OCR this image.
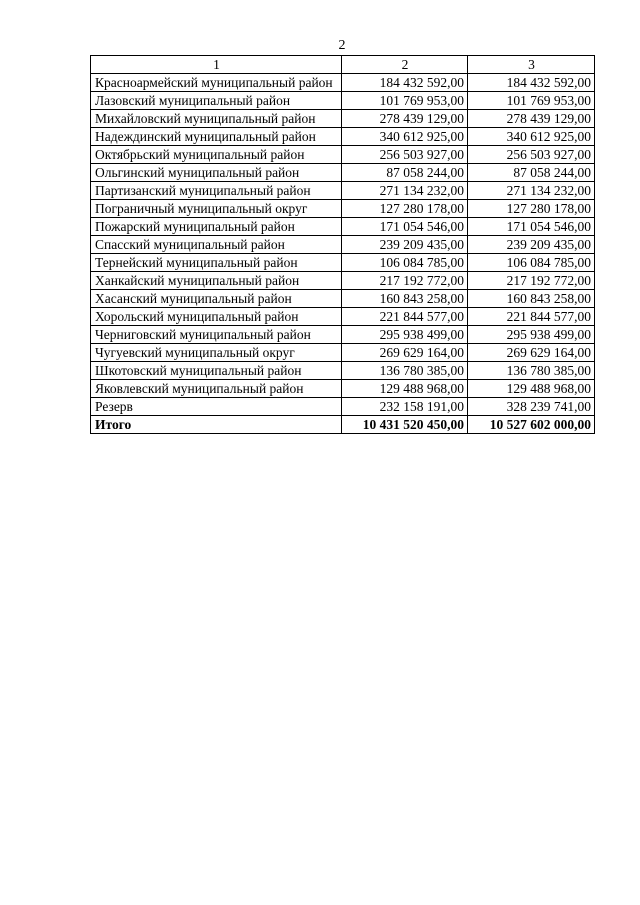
2
1	2	3
Красноармейский муниципальный район	184 432 592,00	184 432 592,00
Лазовский муниципальный район	101 769 953,00	101 769 953,00
Михайловский муниципальный район	278 439 129,00	278 439 129,00
Надеждинский муниципальный район	340 612 925,00	340 612 925,00
Октябрьский муниципальный район	256 503 927,00	256 503 927,00
Ольгинский муниципальный район	87 058 244,00	87 058 244,00
Партизанский муниципальный район	271 134 232,00	271 134 232,00
Пограничный муниципальный округ	127 280 178,00	127 280 178,00
Пожарский муниципальный район	171 054 546,00	171 054 546,00
Спасский муниципальный район	239 209 435,00	239 209 435,00
Тернейский муниципальный район	106 084 785,00	106 084 785,00
Ханкайский муниципальный район	217 192 772,00	217 192 772,00
Хасанский муниципальный район	160 843 258,00	160 843 258,00
Хорольский муниципальный район	221 844 577,00	221 844 577,00
Черниговский муниципальный район	295 938 499,00	295 938 499,00
Чугуевский муниципальный округ	269 629 164,00	269 629 164,00
Шкотовский муниципальный район	136 780 385,00	136 780 385,00
Яковлевский муниципальный район	129 488 968,00	129 488 968,00
Резерв	232 158 191,00	328 239 741,00
Итого	10 431 520 450,00	10 527 602 000,00
